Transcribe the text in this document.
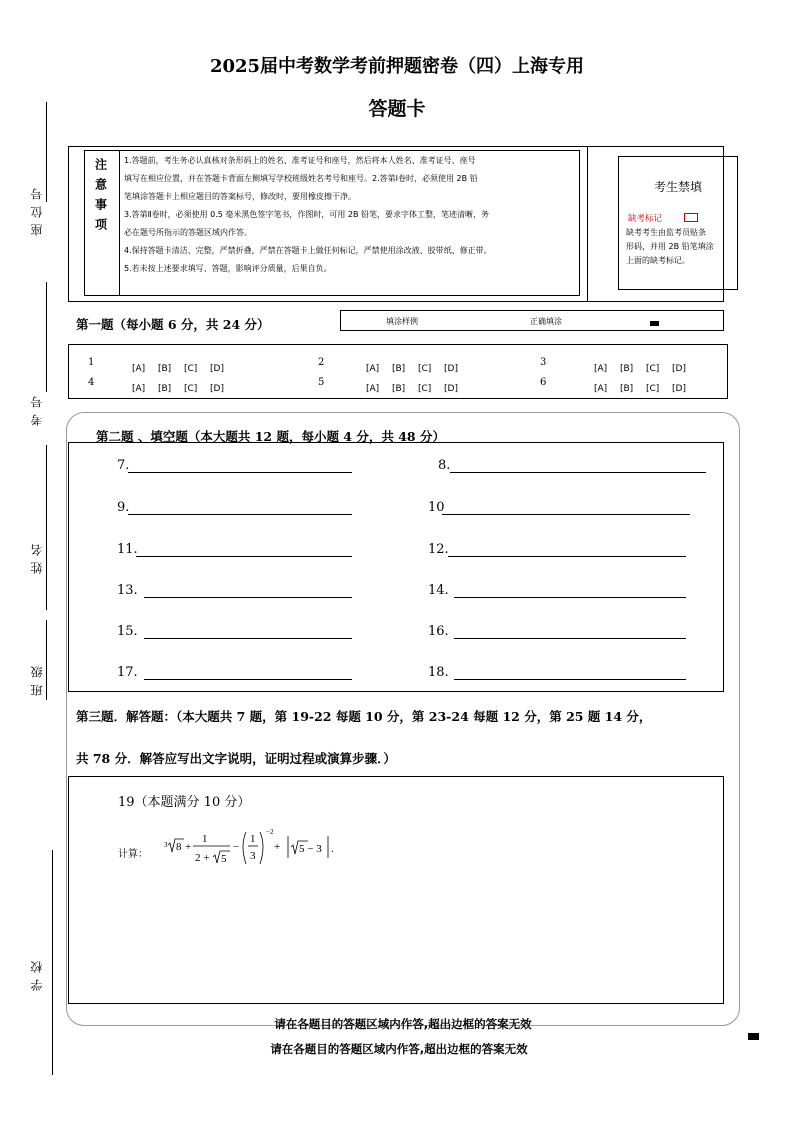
2025届中考数学考前押题密卷（四）上海专用
答题卡
座位号
考号
姓名
班级
学校
注意事项 1.答题前，考生务必认真核对条形码上的姓名、准考证号和座号，然后将本人姓名、准考证号、座号
填写在相应位置，并在答题卡背面左侧填写学校班级姓名考号和座号。2.答第Ⅰ卷时，必须使用 2B 铅
笔填涂答题卡上相应题目的答案标号，修改时，要用橡皮擦干净。
3.答第Ⅱ卷时，必须使用 0.5 毫米黑色签字笔书，作图时，可用 2B 铅笔，要求字体工整，笔迹清晰，务
必在题号所指示的答题区域内作答。
4.保持答题卡清洁、完整，严禁折叠，严禁在答题卡上做任何标记，严禁使用涂改液、胶带纸、修正带。
5.若未按上述要求填写、答题，影响评分质量，后果自负。
考生禁填
缺考标记
缺考考生由监考员贴条
形码，并用 2B 铅笔填涂
上面的缺考标记。
第一题（每小题 6 分，共 24 分）	填涂样例	正确填涂
1
[A] [B] [C] [D]
2
[A] [B] [C] [D]
3
[A] [B] [C] [D]
4
[A] [B] [C] [D]
5
[A] [B] [C] [D]
6
[A] [B] [C] [D]
第二题 、填空题（本大题共 12 题，每小题 4 分，共 48 分）
7.	8.
9.	10
11.	12.
13.	14.
15.	16.
17.	18.
第三题．解答题：（本大题共 7 题，第 19-22 每题 10 分，第 23-24 每题 12 分，第 25 题 14 分，
共 78 分．解答应写出文字说明，证明过程或演算步骤．）
19（本题满分 10 分）
计算：
3 8 +
1
2 + 5
−
1
3
−2
+ 5 − 3 .
请在各题目的答题区域内作答,超出边框的答案无效
请在各题目的答题区域内作答,超出边框的答案无效
